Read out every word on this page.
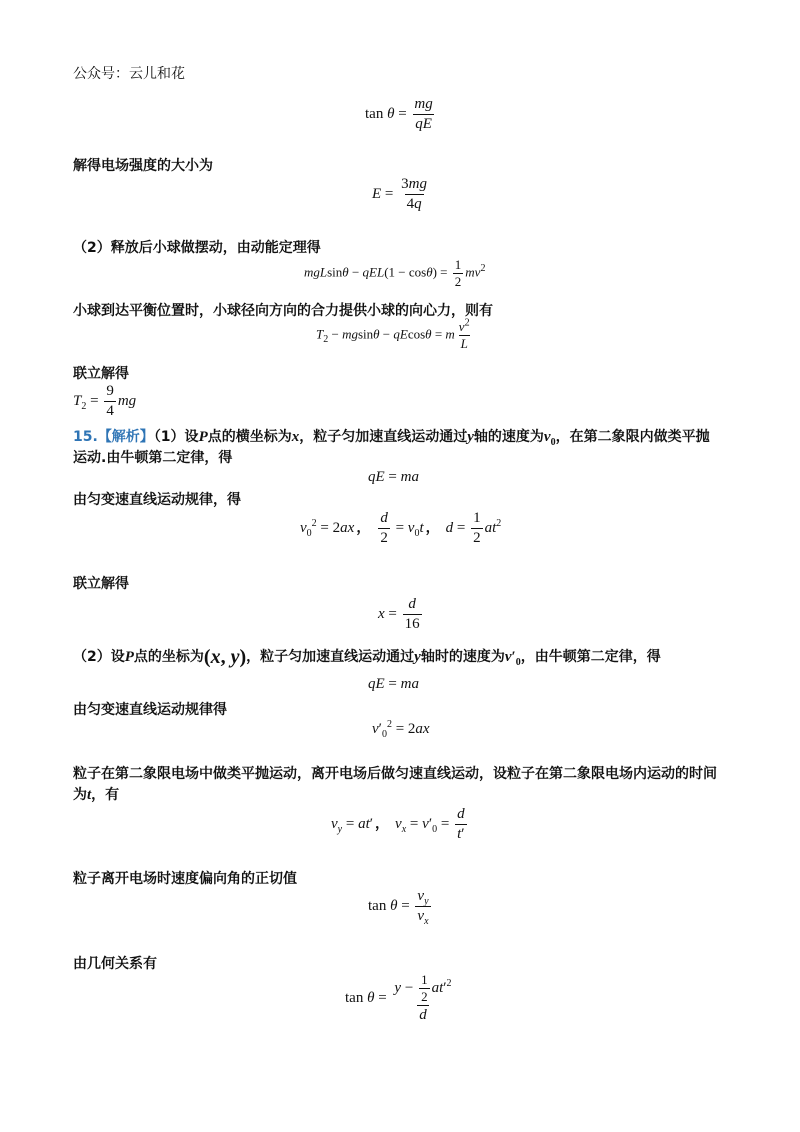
公众号：云儿和花
$\tan \theta = \frac{mg}{qE}$
解得电场强度的大小为
$E = \frac{3mg}{4q}$
（2）释放后小球做摆动，由动能定理得
$mgLsin\theta - qEL(1 - \cos\theta) = \frac{1}{2} mv^2$
小球到达平衡位置时，小球径向方向的合力提供小球的向心力，则有
$T_2 - mgsin\theta - qEcos\theta = m \frac{v^2}{L}$
联立解得
$T_2 = \frac{9}{4}$ mg
15.【解析】（1）设P点的横坐标为x，粒子匀加速直线运动通过y轴的速度为$v_0$，在第二象限内做类平抛
运动.由牛顿第二定律，得
qE = ma
由匀变速直线运动规律，得
$v_0^2 = 2ax$ ， $\frac{d}{2} = v_0t$ ， $d = \frac{1}{2} at^2$
联立解得
$x = \frac{d}{16}$
（2）设P点的坐标为(x, y)，粒子匀加速直线运动通过y轴时的速度为$v'_0$，由牛顿第二定律，得
qE = ma
由匀变速直线运动规律得
$v'_0^2 = 2ax$
粒子在第二象限电场中做类平抛运动，离开电场后做匀速直线运动，设粒子在第二象限电场内运动的时间
为t，有
$v_y = at'$ ， $v_x = v'_0 = \frac{d}{t'}$
粒子离开电场时速度偏向角的正切值
$\tan \theta = \frac{v_y}{v_x}$
由几何关系有
$\tan \theta = \frac{y - \frac{1}{2} at'^2}{d}$
